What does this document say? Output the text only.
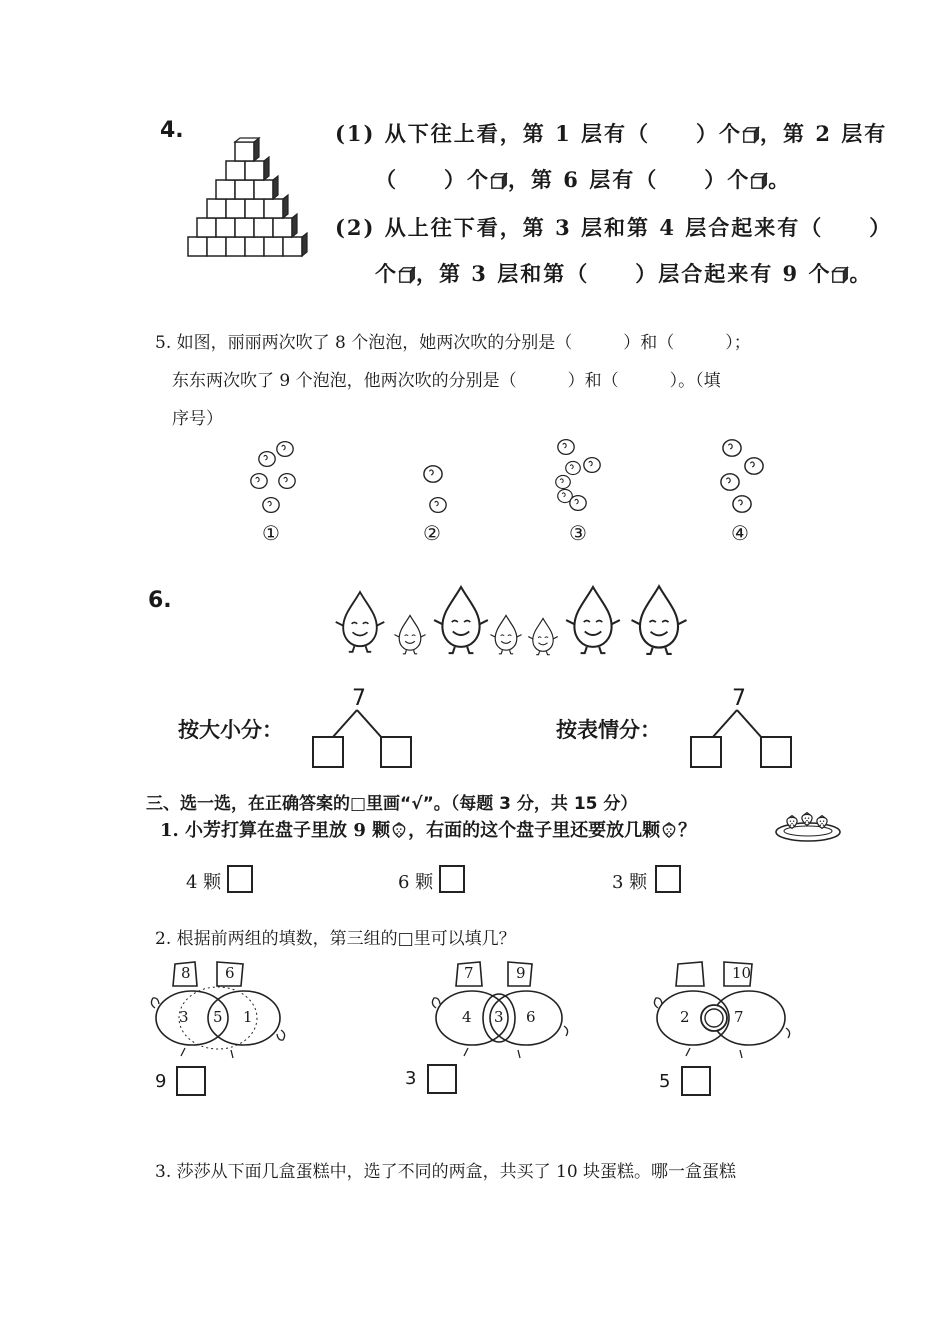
4.	(1) 从下往上看，第 1 层有（　　）个 ，第 2 层有
（　　）个 ，第 6 层有（　　）个 。
(2) 从上往下看，第 3 层和第 4 层合起来有（　　）
个 ，第 3 层和第（　　）层合起来有 9 个 。
5. 如图，丽丽两次吹了 8 个泡泡，她两次吹的分别是（　　　）和（　　　）；
东东两次吹了 9 个泡泡，他两次吹的分别是（　　　）和（　　　）。（填
序号）
①	②	③	④
6.
按大小分：
7
按表情分：
7
三、选一选，在正确答案的□里画“√”。（每题 3 分，共 15 分）
1. 小芳打算在盘子里放 9 颗 ，右面的这个盘子里还要放几颗 ？
4 颗	6 颗	3 颗
2. 根据前两组的填数，第三组的□里可以填几？
8 6
3 5 1
7	9
4 3 6
10
2	7
9	3	5
3. 莎莎从下面几盒蛋糕中，选了不同的两盒，共买了 10 块蛋糕。哪一盒蛋糕
